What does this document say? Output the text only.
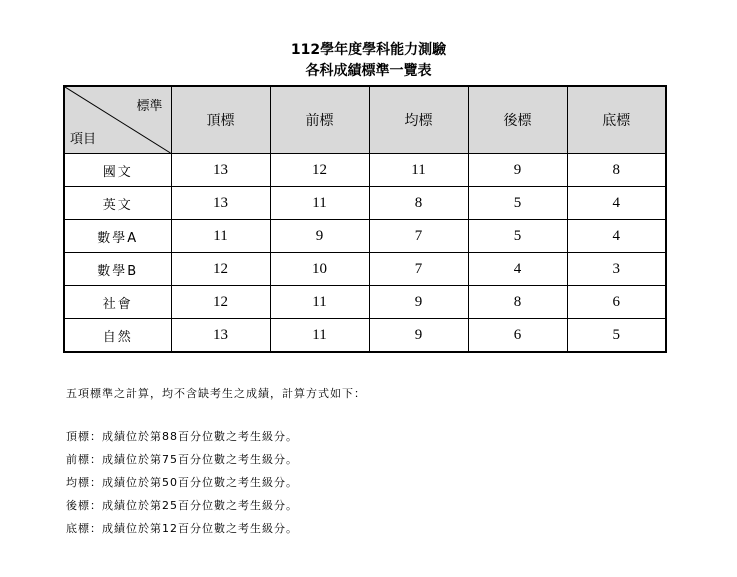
112學年度學科能力測驗
各科成績標準一覽表
標準
項目	頂標	前標	均標	後標	底標
國文	13	12	11	9	8
英文	13	11	8	5	4
數學A	11	9	7	5	4
數學B	12	10	7	4	3
社會	12	11	9	8	6
自然	13	11	9	6	5
五項標準之計算，均不含缺考生之成績，計算方式如下：
頂標：成績位於第88百分位數之考生級分。
前標：成績位於第75百分位數之考生級分。
均標：成績位於第50百分位數之考生級分。
後標：成績位於第25百分位數之考生級分。
底標：成績位於第12百分位數之考生級分。
